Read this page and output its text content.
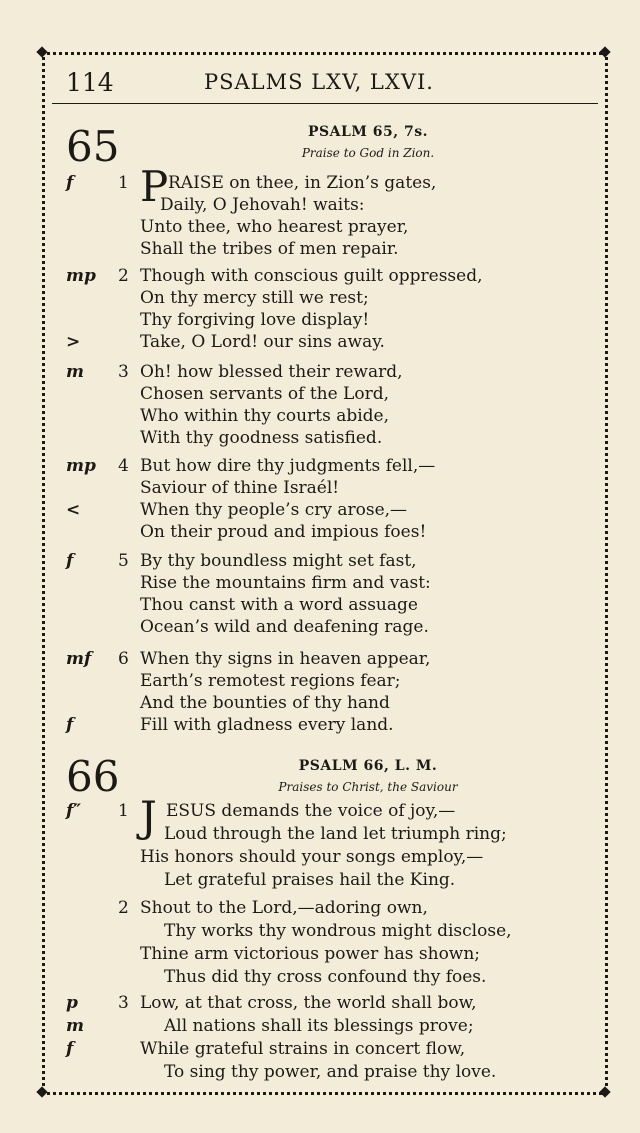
114	PSALMS LXV, LXVI.
65	PSALM 65, 7s.
Praise to God in Zion.
f	1 RAISE on thee, in Zion’s gates,
Daily, O Jehovah! waits:
Unto thee, who hearest prayer,
Shall the tribes of men repair.
mp 2 Though with conscious guilt oppressed,
On thy mercy still we rest;
Thy forgiving love display!
>	Take, O Lord! our sins away.
m 3 Oh! how blessed their reward,
Chosen servants of the Lord,
Who within thy courts abide,
With thy goodness satisfied.
mp 4 But how dire thy judgments fell,—
Saviour of thine Israél!
<	When thy people’s cry arose,—
On their proud and impious foes!
f	5 By thy boundless might set fast,
Rise the mountains firm and vast:
Thou canst with a word assuage
Ocean’s wild and deafening rage.
mf 6 When thy signs in heaven appear,
Earth’s remotest regions fear;
And the bounties of thy hand
f	Fill with gladness every land.
P
66	PSALM 66, L. M.
Praises to Christ, the Saviour
f″ 1 ESUS demands the voice of joy,—
Loud through the land let triumph ring;
His honors should your songs employ,—
Let grateful praises hail the King.
2 Shout to the Lord,—adoring own,
Thy works thy wondrous might disclose,
Thine arm victorious power has shown;
Thus did thy cross confound thy foes.
p 3 Low, at that cross, the world shall bow,
m	All nations shall its blessings prove;
f	While grateful strains in concert flow,
To sing thy power, and praise thy love.
J
